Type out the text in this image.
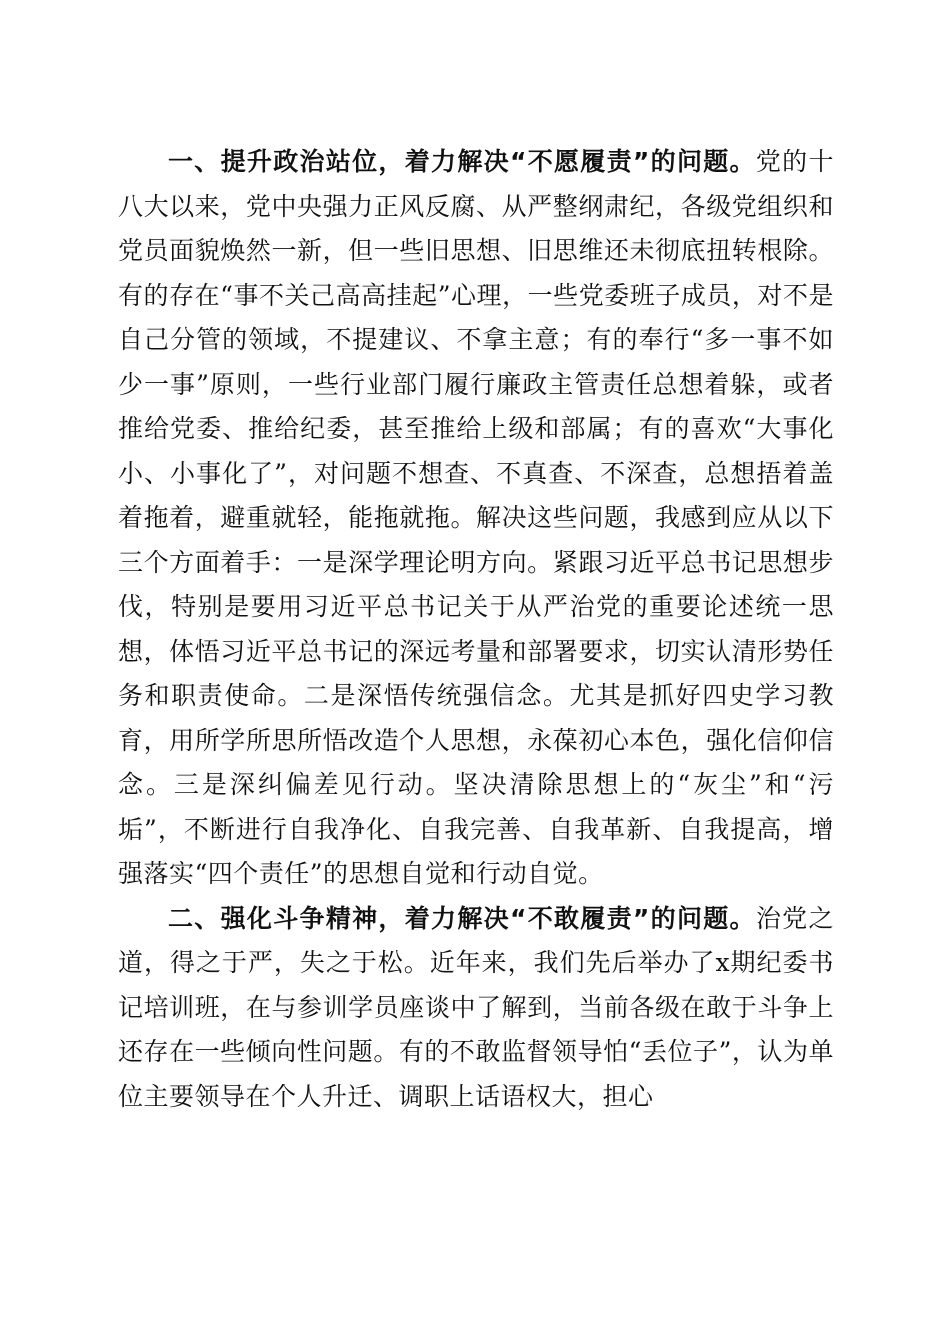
一、提升政治站位，着力解决“不愿履责”的问题。党的十八大以来，党中央强力正风反腐、从严整纲肃纪，各级党组织和党员面貌焕然一新，但一些旧思想、旧思维还未彻底扭转根除。有的存在“事不关己高高挂起”心理，一些党委班子成员，对不是自己分管的领域，不提建议、不拿主意；有的奉行“多一事不如少一事”原则，一些行业部门履行廉政主管责任总想着躲，或者推给党委、推给纪委，甚至推给上级和部属；有的喜欢“大事化小、小事化了”，对问题不想查、不真查、不深查，总想捂着盖着拖着，避重就轻，能拖就拖。解决这些问题，我感到应从以下三个方面着手：一是深学理论明方向。紧跟习近平总书记思想步伐，特别是要用习近平总书记关于从严治党的重要论述统一思想，体悟习近平总书记的深远考量和部署要求，切实认清形势任务和职责使命。二是深悟传统强信念。尤其是抓好四史学习教育，用所学所思所悟改造个人思想，永葆初心本色，强化信仰信念。三是深纠偏差见行动。坚决清除思想上的“灰尘”和“污垢”，不断进行自我净化、自我完善、自我革新、自我提高，增强落实“四个责任”的思想自觉和行动自觉。

二、强化斗争精神，着力解决“不敢履责”的问题。治党之道，得之于严，失之于松。近年来，我们先后举办了x期纪委书记培训班，在与参训学员座谈中了解到，当前各级在敢于斗争上还存在一些倾向性问题。有的不敢监督领导怕“丢位子”，认为单位主要领导在个人升迁、调职上话语权大，担心
